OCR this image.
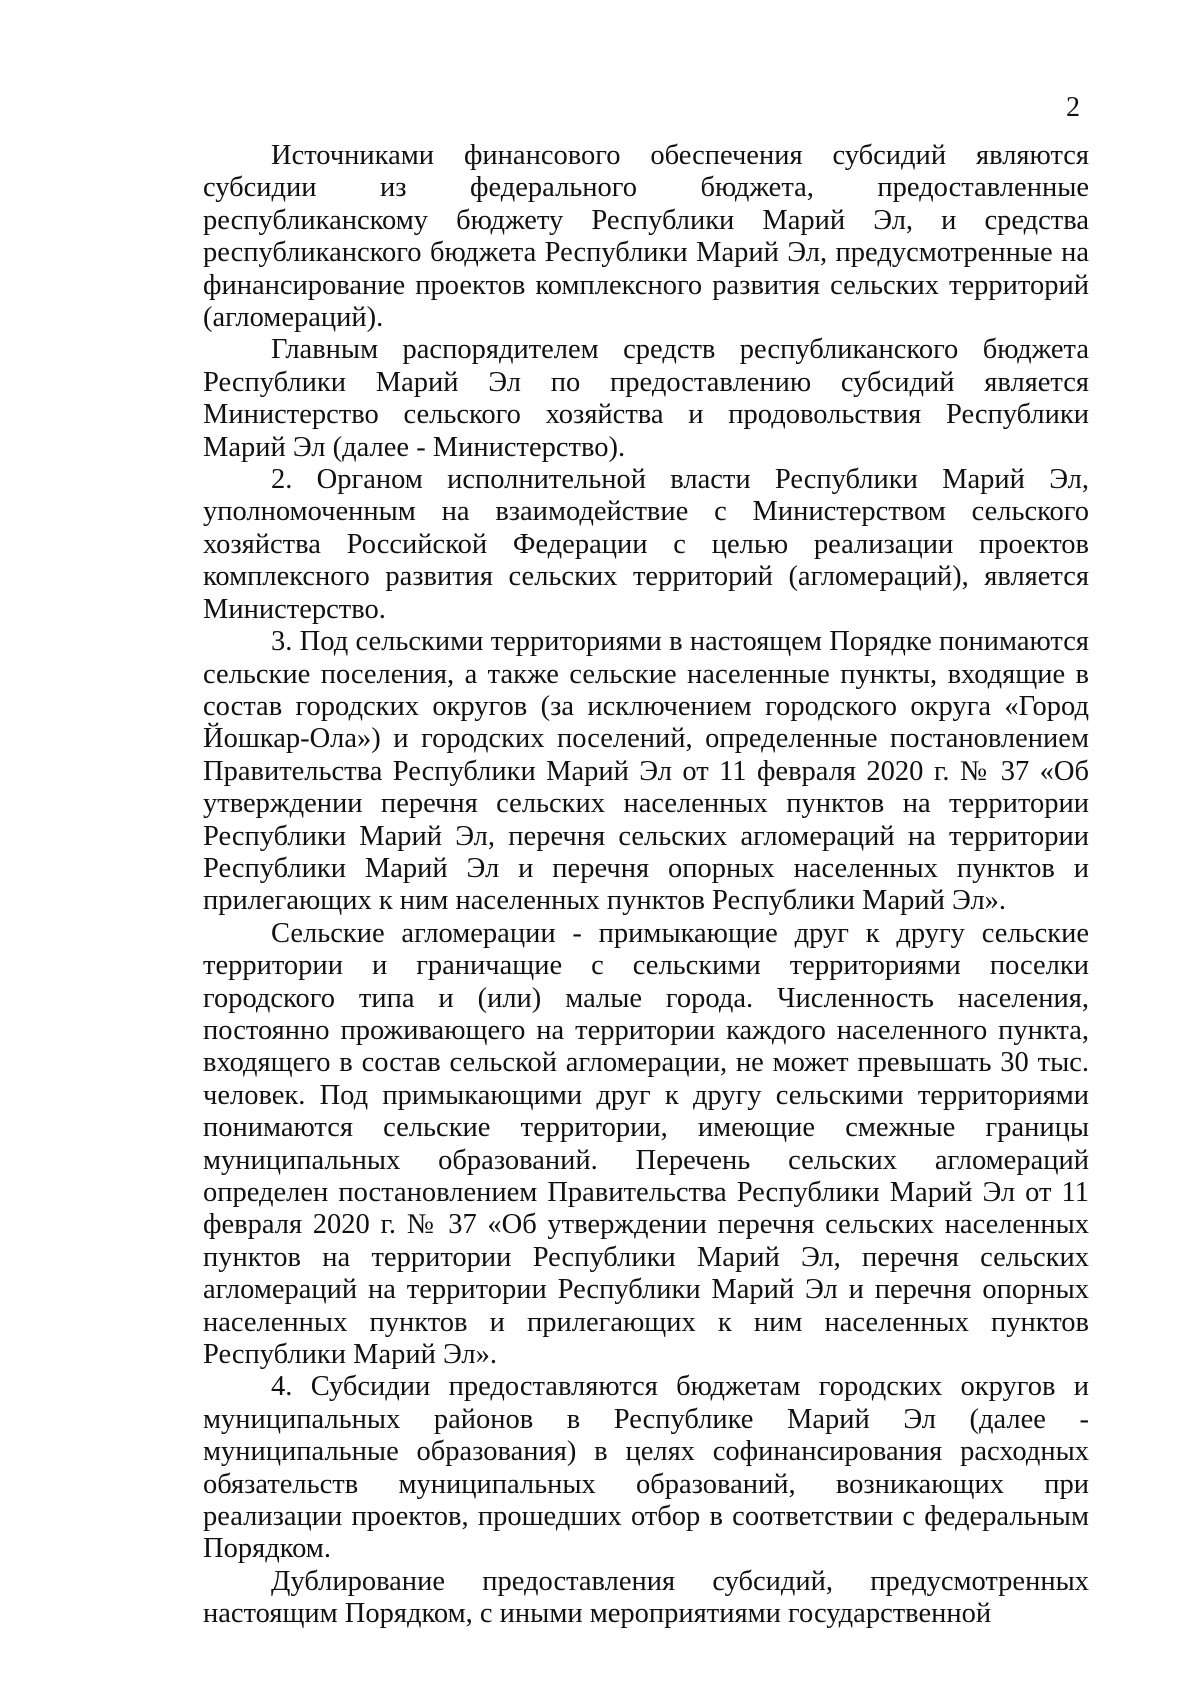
2

Источниками финансового обеспечения субсидий являются субсидии из федерального бюджета, предоставленные республиканскому бюджету Республики Марий Эл, и средства республиканского бюджета Республики Марий Эл, предусмотренные на финансирование проектов комплексного развития сельских территорий (агломераций).

Главным распорядителем средств республиканского бюджета Республики Марий Эл по предоставлению субсидий является Министерство сельского хозяйства и продовольствия Республики Марий Эл (далее - Министерство).

2. Органом исполнительной власти Республики Марий Эл, уполномоченным на взаимодействие с Министерством сельского хозяйства Российской Федерации с целью реализации проектов комплексного развития сельских территорий (агломераций), является Министерство.

3. Под сельскими территориями в настоящем Порядке понимаются сельские поселения, а также сельские населенные пункты, входящие в состав городских округов (за исключением городского округа «Город Йошкар-Ола») и городских поселений, определенные постановлением Правительства Республики Марий Эл от 11 февраля 2020 г. № 37 «Об утверждении перечня сельских населенных пунктов на территории Республики Марий Эл, перечня сельских агломераций на территории Республики Марий Эл и перечня опорных населенных пунктов и прилегающих к ним населенных пунктов Республики Марий Эл».

Сельские агломерации - примыкающие друг к другу сельские территории и граничащие с сельскими территориями поселки городского типа и (или) малые города. Численность населения, постоянно проживающего на территории каждого населенного пункта, входящего в состав сельской агломерации, не может превышать 30 тыс. человек. Под примыкающими друг к другу сельскими территориями понимаются сельские территории, имеющие смежные границы муниципальных образований. Перечень сельских агломераций определен постановлением Правительства Республики Марий Эл от 11 февраля 2020 г. № 37 «Об утверждении перечня сельских населенных пунктов на территории Республики Марий Эл, перечня сельских агломераций на территории Республики Марий Эл и перечня опорных населенных пунктов и прилегающих к ним населенных пунктов Республики Марий Эл».

4. Субсидии предоставляются бюджетам городских округов и муниципальных районов в Республике Марий Эл (далее - муниципальные образования) в целях софинансирования расходных обязательств муниципальных образований, возникающих при реализации проектов, прошедших отбор в соответствии с федеральным Порядком.

Дублирование предоставления субсидий, предусмотренных настоящим Порядком, с иными мероприятиями государственной
